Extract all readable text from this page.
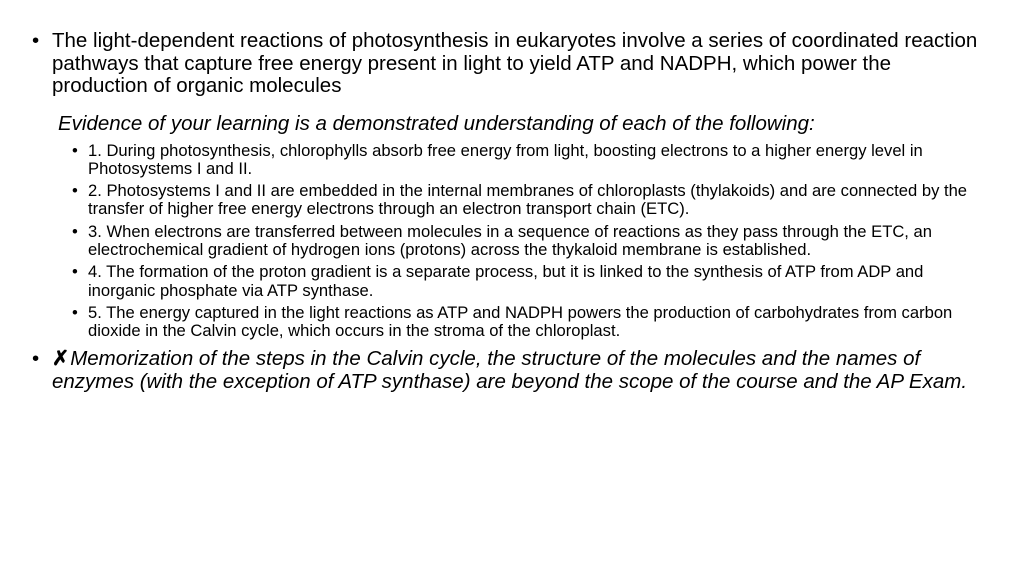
• The light-dependent reactions of photosynthesis in eukaryotes involve a series of coordinated reaction pathways that capture free energy present in light to yield ATP and NADPH, which power the production of organic molecules
Evidence of your learning is a demonstrated understanding of each of the following:
• 1. During photosynthesis, chlorophylls absorb free energy from light, boosting electrons to a higher energy level in Photosystems I and II.
• 2. Photosystems I and II are embedded in the internal membranes of chloroplasts (thylakoids) and are connected by the transfer of higher free energy electrons through an electron transport chain (ETC).
• 3. When electrons are transferred between molecules in a sequence of reactions as they pass through the ETC, an electrochemical gradient of hydrogen ions (protons) across the thykaloid membrane is established.
• 4. The formation of the proton gradient is a separate process, but it is linked to the synthesis of ATP from ADP and inorganic phosphate via ATP synthase.
• 5. The energy captured in the light reactions as ATP and NADPH powers the production of carbohydrates from carbon dioxide in the Calvin cycle, which occurs in the stroma of the chloroplast.
• ✗Memorization of the steps in the Calvin cycle, the structure of the molecules and the names of enzymes (with the exception of ATP synthase) are beyond the scope of the course and the AP Exam.
